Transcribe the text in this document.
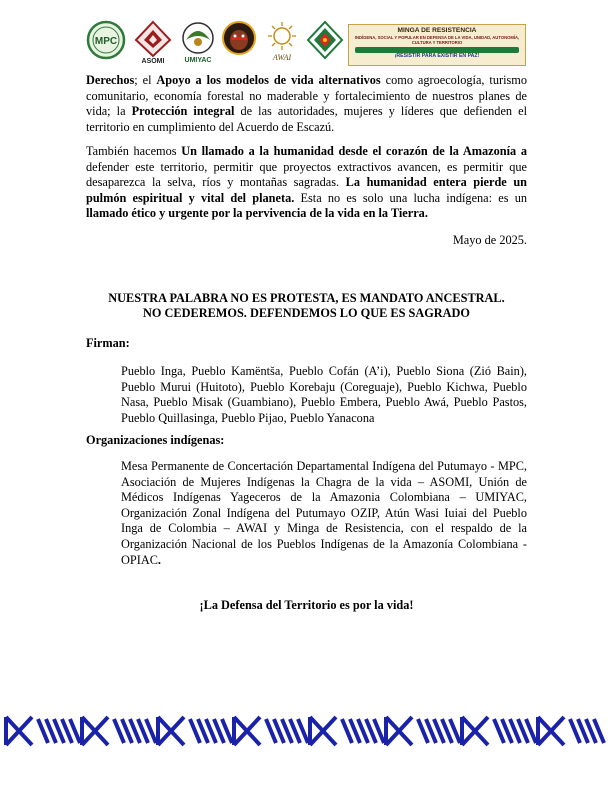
MPC
ASOMI	UMIYAC	AWAI
MINGA DE RESISTENCIA
INDÍGENA, SOCIAL Y POPULAR EN DEFENSA DE LA VIDA, UNIDAD, AUTONOMÍA, CULTURA Y TERRITORIO

¡RESISTIR PARA EXISTIR EN PAZ!

Derechos; el Apoyo a los modelos de vida alternativos como agroecología, turismo comunitario, economía forestal no maderable y fortalecimiento de nuestros planes de vida; la Protección integral de las autoridades, mujeres y líderes que defienden el territorio en cumplimiento del Acuerdo de Escazú.

También hacemos Un llamado a la humanidad desde el corazón de la Amazonía a defender este territorio, permitir que proyectos extractivos avancen, es permitir que desaparezca la selva, ríos y montañas sagradas. La humanidad entera pierde un pulmón espiritual y vital del planeta. Esta no es solo una lucha indígena: es un llamado ético y urgente por la pervivencia de la vida en la Tierra.

Mayo de 2025.

NUESTRA PALABRA NO ES PROTESTA, ES MANDATO ANCESTRAL.

NO CEDEREMOS. DEFENDEMOS LO QUE ES SAGRADO

Firman:

Pueblo Inga, Pueblo Kamëntša, Pueblo Cofán (A’i), Pueblo Siona (Zió Bain), Pueblo Murui (Huitoto), Pueblo Korebaju (Coreguaje), Pueblo Kichwa, Pueblo Nasa, Pueblo Misak (Guambiano), Pueblo Embera, Pueblo Awá, Pueblo Pastos, Pueblo Quillasinga, Pueblo Pijao, Pueblo Yanacona

Organizaciones indígenas:

Mesa Permanente de Concertación Departamental Indígena del Putumayo - MPC, Asociación de Mujeres Indígenas la Chagra de la vida – ASOMI, Unión de Médicos Indígenas Yageceros de la Amazonia Colombiana – UMIYAC, Organización Zonal Indígena del Putumayo OZIP, Atún Wasi Iuiai del Pueblo Inga de Colombia – AWAI y Minga de Resistencia, con el respaldo de la Organización Nacional de los Pueblos Indígenas de la Amazonía Colombiana - OPIAC.

¡La Defensa del Territorio es por la vida!
